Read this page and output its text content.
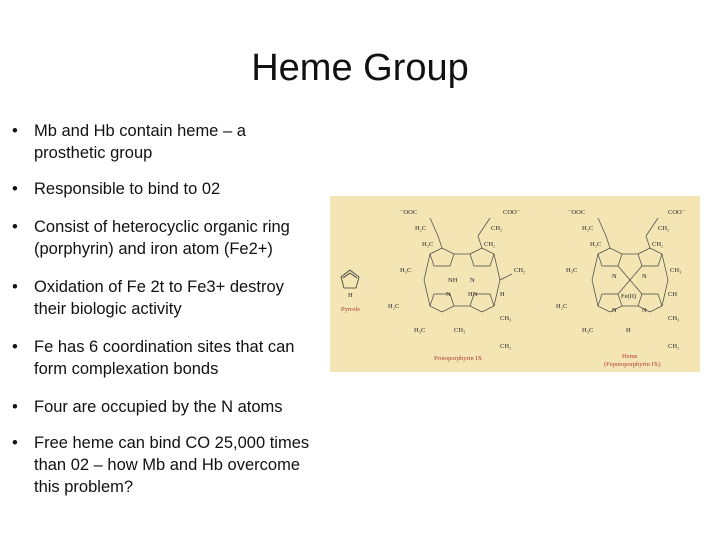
Heme Group
• Mb and Hb contain heme – a
prosthetic group
• Responsible to bind to 02
• Consist of heterocyclic organic ring
(porphyrin) and iron atom (Fe2+)
• Oxidation of Fe 2t to Fe3+ destroy
their biologic activity
• Fe has 6 coordination sites that can
form complexation bonds
• Four are occupied by the N atoms
• Free heme can bind CO 25,000 times
than 02 – how Mb and Hb overcome
this problem?
H
Pyrrole
⁻OOC	COO⁻
H₂C	CH₂
H₂C	CH₂
H₃C	CH₂
NH N
N	HN	H
H₂C
CH₃
H₃C
CH₂
CH₃
Protoporphyrin IX
⁻OOC	COO⁻
H₂C	CH₂
H₂C	CH₂
H₃C	CH₃
N	N
Fe(II)	CH
N	N
H₂C
CH₃
H₃C
CH₂
H
Heme
(Fepotoporphyrin IX)
